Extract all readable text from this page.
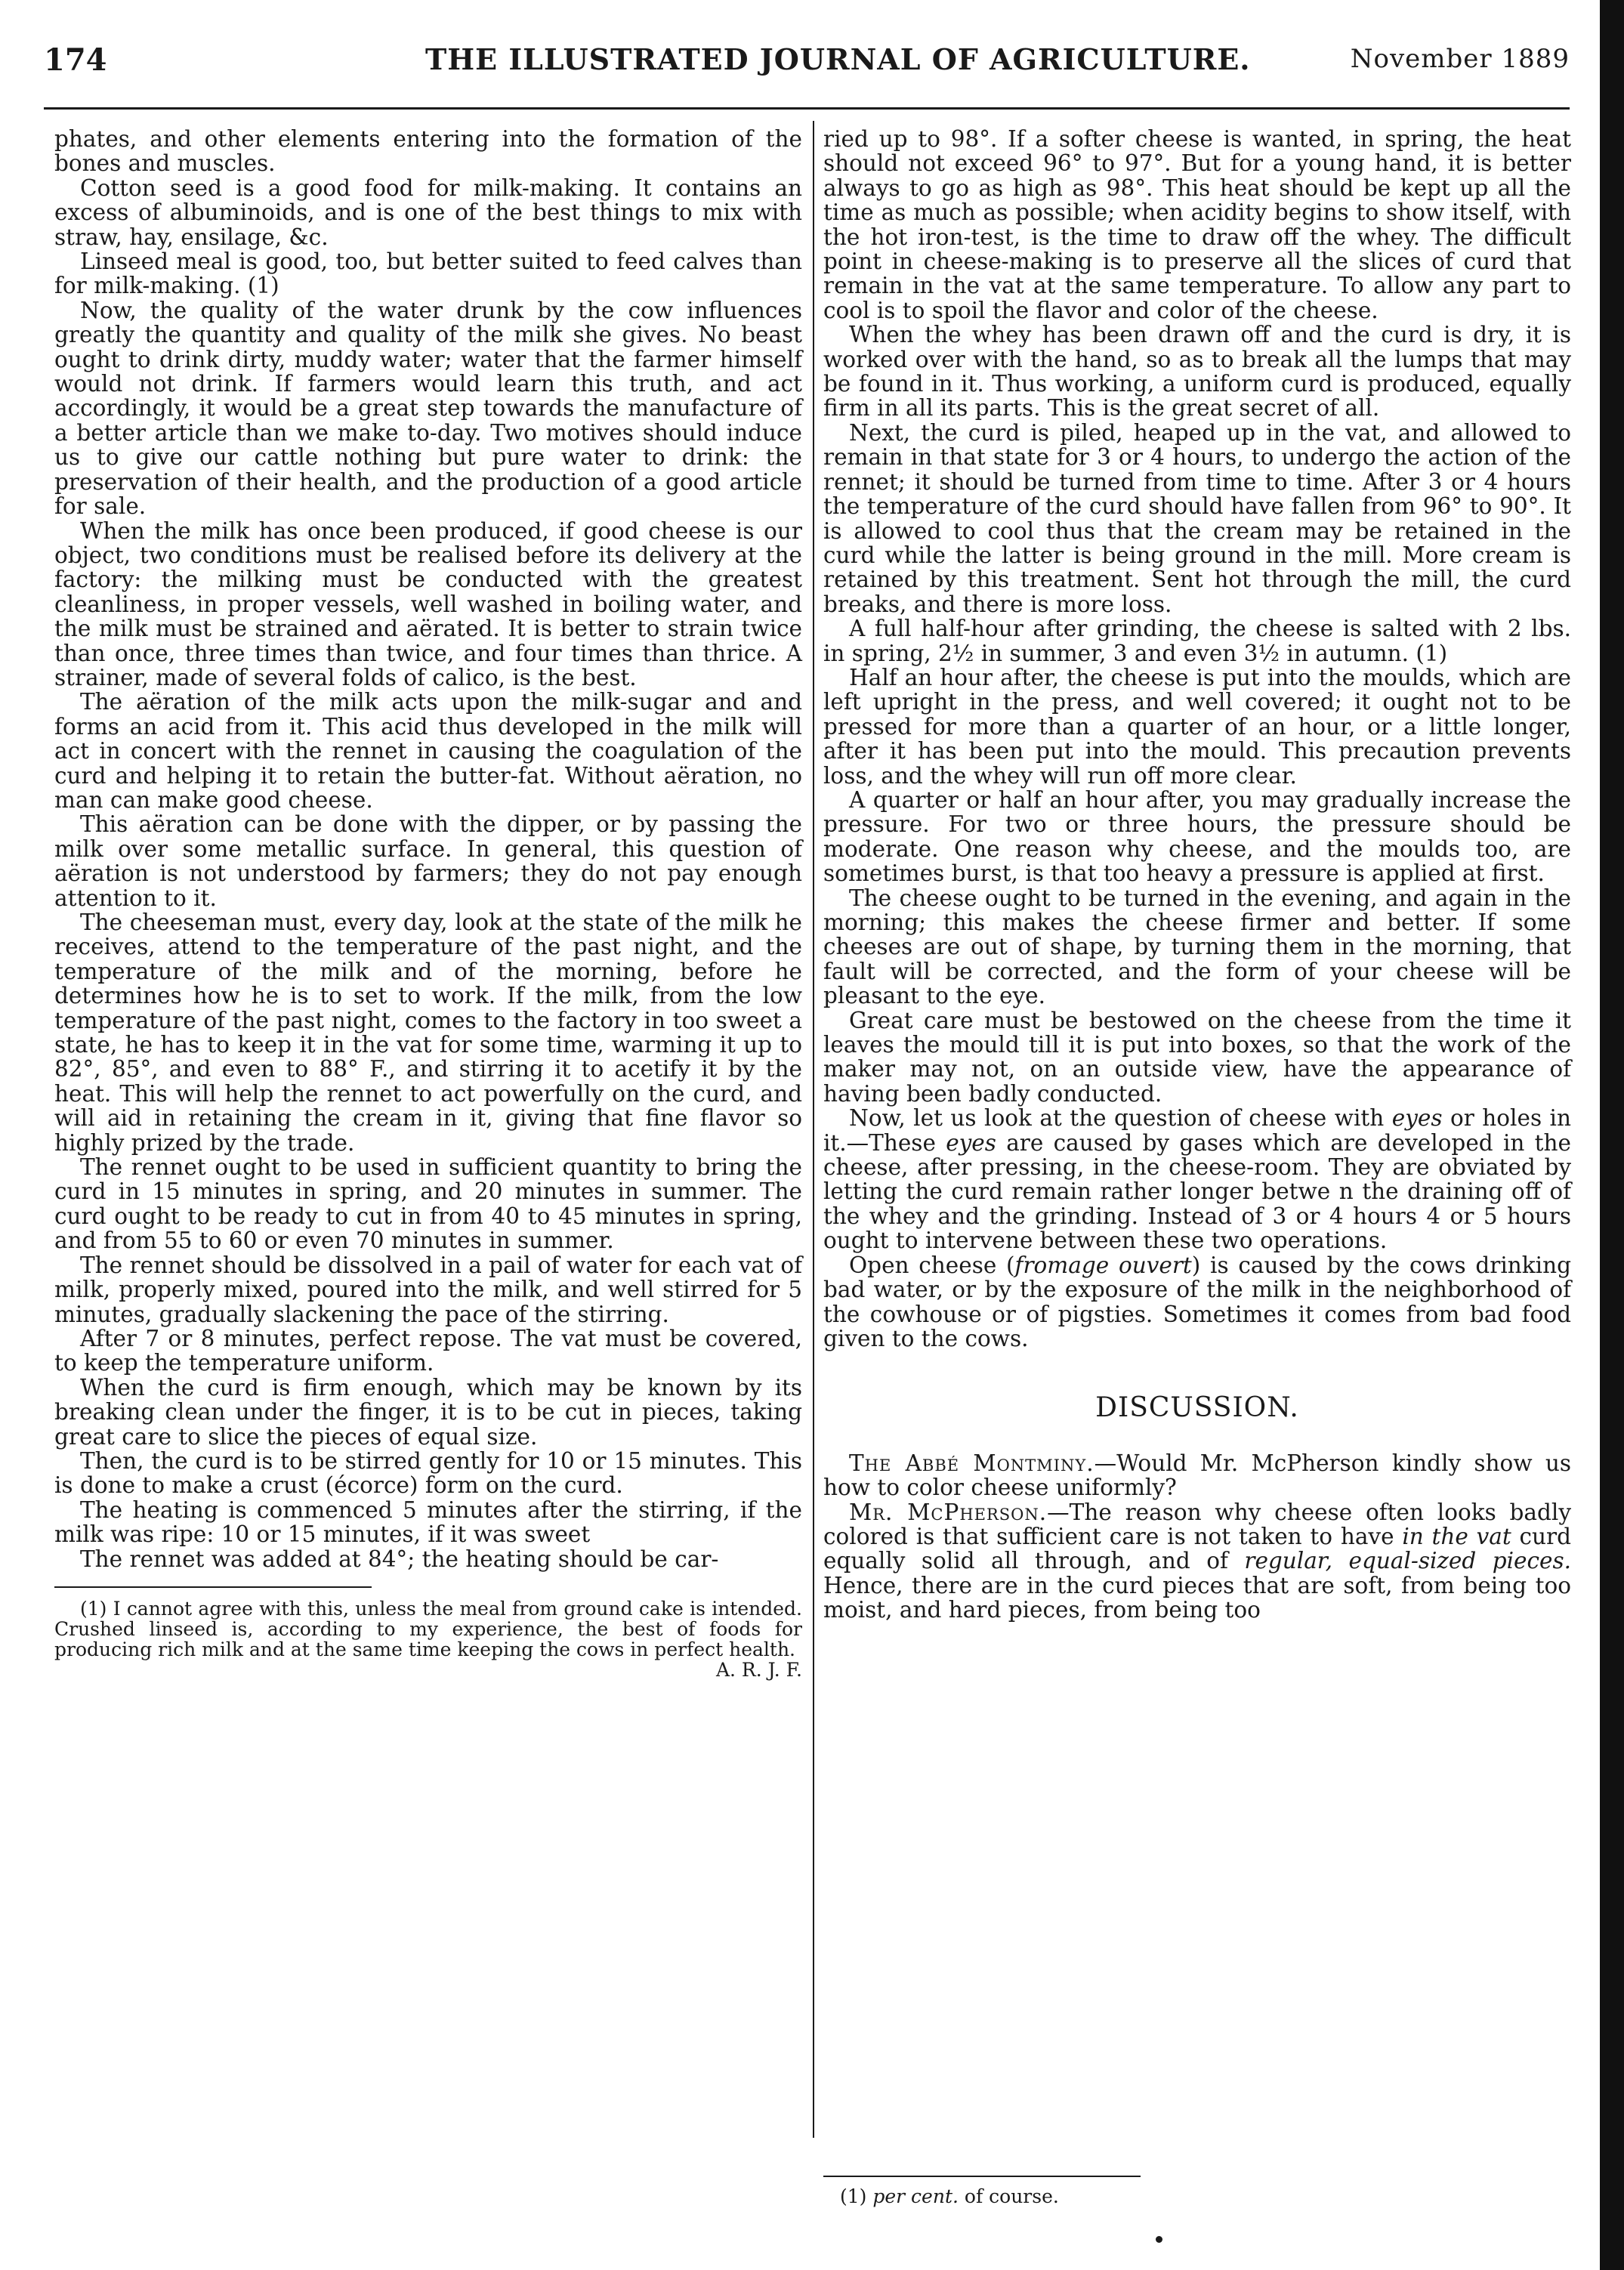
174	THE ILLUSTRATED JOURNAL OF AGRICULTURE.	November 1889

phates, and other elements entering into the formation of the bones and muscles.

Cotton seed is a good food for milk-making. It contains an excess of albuminoids, and is one of the best things to mix with straw, hay, ensilage, &c.

Linseed meal is good, too, but better suited to feed calves than for milk-making. (1)

Now, the quality of the water drunk by the cow influences greatly the quantity and quality of the milk she gives. No beast ought to drink dirty, muddy water; water that the farmer himself would not drink. If farmers would learn this truth, and act accordingly, it would be a great step towards the manufacture of a better article than we make to-day. Two motives should induce us to give our cattle nothing but pure water to drink: the preservation of their health, and the production of a good article for sale.

When the milk has once been produced, if good cheese is our object, two conditions must be realised before its delivery at the factory: the milking must be conducted with the greatest cleanliness, in proper vessels, well washed in boiling water, and the milk must be strained and aërated. It is better to strain twice than once, three times than twice, and four times than thrice. A strainer, made of several folds of calico, is the best.

The aëration of the milk acts upon the milk-sugar and and forms an acid from it. This acid thus developed in the milk will act in concert with the rennet in causing the coagulation of the curd and helping it to retain the butter-fat. Without aëration, no man can make good cheese.

This aëration can be done with the dipper, or by passing the milk over some metallic surface. In general, this question of aëration is not understood by farmers; they do not pay enough attention to it.

The cheeseman must, every day, look at the state of the milk he receives, attend to the temperature of the past night, and the temperature of the milk and of the morning, before he determines how he is to set to work. If the milk, from the low temperature of the past night, comes to the factory in too sweet a state, he has to keep it in the vat for some time, warming it up to 82°, 85°, and even to 88° F., and stirring it to acetify it by the heat. This will help the rennet to act powerfully on the curd, and will aid in retaining the cream in it, giving that fine flavor so highly prized by the trade.

The rennet ought to be used in sufficient quantity to bring the curd in 15 minutes in spring, and 20 minutes in summer. The curd ought to be ready to cut in from 40 to 45 minutes in spring, and from 55 to 60 or even 70 minutes in summer.

The rennet should be dissolved in a pail of water for each vat of milk, properly mixed, poured into the milk, and well stirred for 5 minutes, gradually slackening the pace of the stirring.

After 7 or 8 minutes, perfect repose. The vat must be covered, to keep the temperature uniform.

When the curd is firm enough, which may be known by its breaking clean under the finger, it is to be cut in pieces, taking great care to slice the pieces of equal size.

Then, the curd is to be stirred gently for 10 or 15 minutes. This is done to make a crust (écorce) form on the curd.

The heating is commenced 5 minutes after the stirring, if the milk was ripe: 10 or 15 minutes, if it was sweet

The rennet was added at 84°; the heating should be car-

(1) I cannot agree with this, unless the meal from ground cake is intended. Crushed linseed is, according to my experience, the best of foods for producing rich milk and at the same time keeping the cows in perfect health.
A. R. J. F.

ried up to 98°. If a softer cheese is wanted, in spring, the heat should not exceed 96° to 97°. But for a young hand, it is better always to go as high as 98°. This heat should be kept up all the time as much as possible; when acidity begins to show itself, with the hot iron-test, is the time to draw off the whey. The difficult point in cheese-making is to preserve all the slices of curd that remain in the vat at the same temperature. To allow any part to cool is to spoil the flavor and color of the cheese.

When the whey has been drawn off and the curd is dry, it is worked over with the hand, so as to break all the lumps that may be found in it. Thus working, a uniform curd is produced, equally firm in all its parts. This is the great secret of all.

Next, the curd is piled, heaped up in the vat, and allowed to remain in that state for 3 or 4 hours, to undergo the action of the rennet; it should be turned from time to time. After 3 or 4 hours the temperature of the curd should have fallen from 96° to 90°. It is allowed to cool thus that the cream may be retained in the curd while the latter is being ground in the mill. More cream is retained by this treatment. Sent hot through the mill, the curd breaks, and there is more loss.

A full half-hour after grinding, the cheese is salted with 2 lbs. in spring, 2½ in summer, 3 and even 3½ in autumn. (1)

Half an hour after, the cheese is put into the moulds, which are left upright in the press, and well covered; it ought not to be pressed for more than a quarter of an hour, or a little longer, after it has been put into the mould. This precaution prevents loss, and the whey will run off more clear.

A quarter or half an hour after, you may gradually increase the pressure. For two or three hours, the pressure should be moderate. One reason why cheese, and the moulds too, are sometimes burst, is that too heavy a pressure is applied at first.

The cheese ought to be turned in the evening, and again in the morning; this makes the cheese firmer and better. If some cheeses are out of shape, by turning them in the morning, that fault will be corrected, and the form of your cheese will be pleasant to the eye.

Great care must be bestowed on the cheese from the time it leaves the mould till it is put into boxes, so that the work of the maker may not, on an outside view, have the appearance of having been badly conducted.

Now, let us look at the question of cheese with eyes or holes in it.—These eyes are caused by gases which are developed in the cheese, after pressing, in the cheese-room. They are obviated by letting the curd remain rather longer betwe n the draining off of the whey and the grinding. Instead of 3 or 4 hours 4 or 5 hours ought to intervene between these two operations.

Open cheese (fromage ouvert) is caused by the cows drinking bad water, or by the exposure of the milk in the neighborhood of the cowhouse or of pigsties. Sometimes it comes from bad food given to the cows.

DISCUSSION.

The Abbé Montminy.—Would Mr. McPherson kindly show us how to color cheese uniformly?

Mr. McPherson.—The reason why cheese often looks badly colored is that sufficient care is not taken to have in the vat curd equally solid all through, and of regular, equal-sized pieces. Hence, there are in the curd pieces that are soft, from being too moist, and hard pieces, from being too

(1) per cent. of course.
